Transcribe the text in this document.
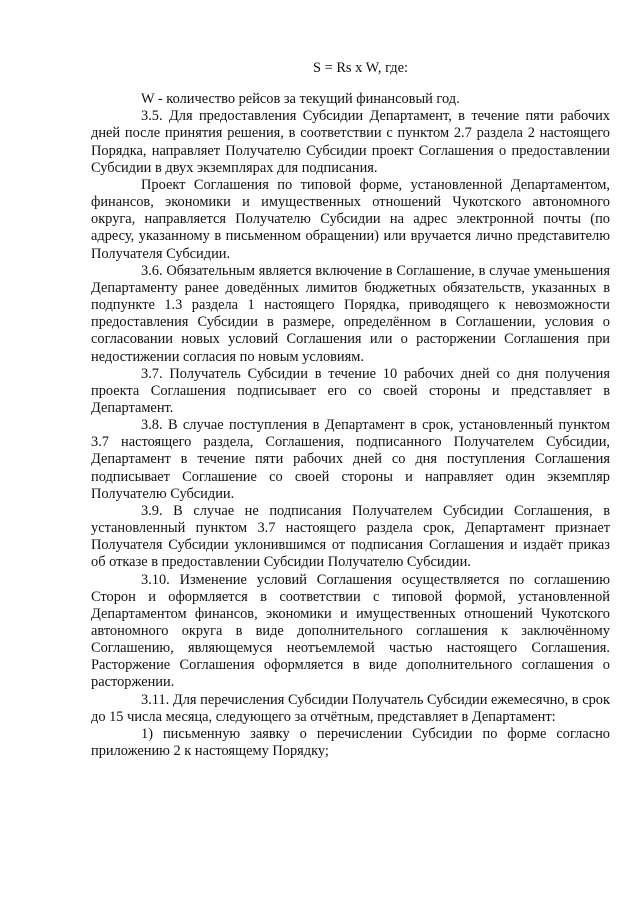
S = Rs x W, где:

W - количество рейсов за текущий финансовый год.

3.5. Для предоставления Субсидии Департамент, в течение пяти рабочих дней после принятия решения, в соответствии с пунктом 2.7 раздела 2 настоящего Порядка, направляет Получателю Субсидии проект Соглашения о предоставлении Субсидии в двух экземплярах для подписания.

Проект Соглашения по типовой форме, установленной Департаментом, финансов, экономики и имущественных отношений Чукотского автономного округа, направляется Получателю Субсидии на адрес электронной почты (по адресу, указанному в письменном обращении) или вручается лично представителю Получателя Субсидии.

3.6. Обязательным является включение в Соглашение, в случае уменьшения Департаменту ранее доведённых лимитов бюджетных обязательств, указанных в подпункте 1.3 раздела 1 настоящего Порядка, приводящего к невозможности предоставления Субсидии в размере, определённом в Соглашении, условия о согласовании новых условий Соглашения или о расторжении Соглашения при недостижении согласия по новым условиям.

3.7. Получатель Субсидии в течение 10 рабочих дней со дня получения проекта Соглашения подписывает его со своей стороны и представляет в Департамент.

3.8. В случае поступления в Департамент в срок, установленный пунктом 3.7 настоящего раздела, Соглашения, подписанного Получателем Субсидии, Департамент в течение пяти рабочих дней со дня поступления Соглашения подписывает Соглашение со своей стороны и направляет один экземпляр Получателю Субсидии.

3.9. В случае не подписания Получателем Субсидии Соглашения, в установленный пунктом 3.7 настоящего раздела срок, Департамент признает Получателя Субсидии уклонившимся от подписания Соглашения и издаёт приказ об отказе в предоставлении Субсидии Получателю Субсидии.

3.10. Изменение условий Соглашения осуществляется по соглашению Сторон и оформляется в соответствии с типовой формой, установленной Департаментом финансов, экономики и имущественных отношений Чукотского автономного округа в виде дополнительного соглашения к заключённому Соглашению, являющемуся неотъемлемой частью настоящего Соглашения. Расторжение Соглашения оформляется в виде дополнительного соглашения о расторжении.

3.11. Для перечисления Субсидии Получатель Субсидии ежемесячно, в срок до 15 числа месяца, следующего за отчётным, представляет в Департамент:

1) письменную заявку о перечислении Субсидии по форме согласно приложению 2 к настоящему Порядку;
